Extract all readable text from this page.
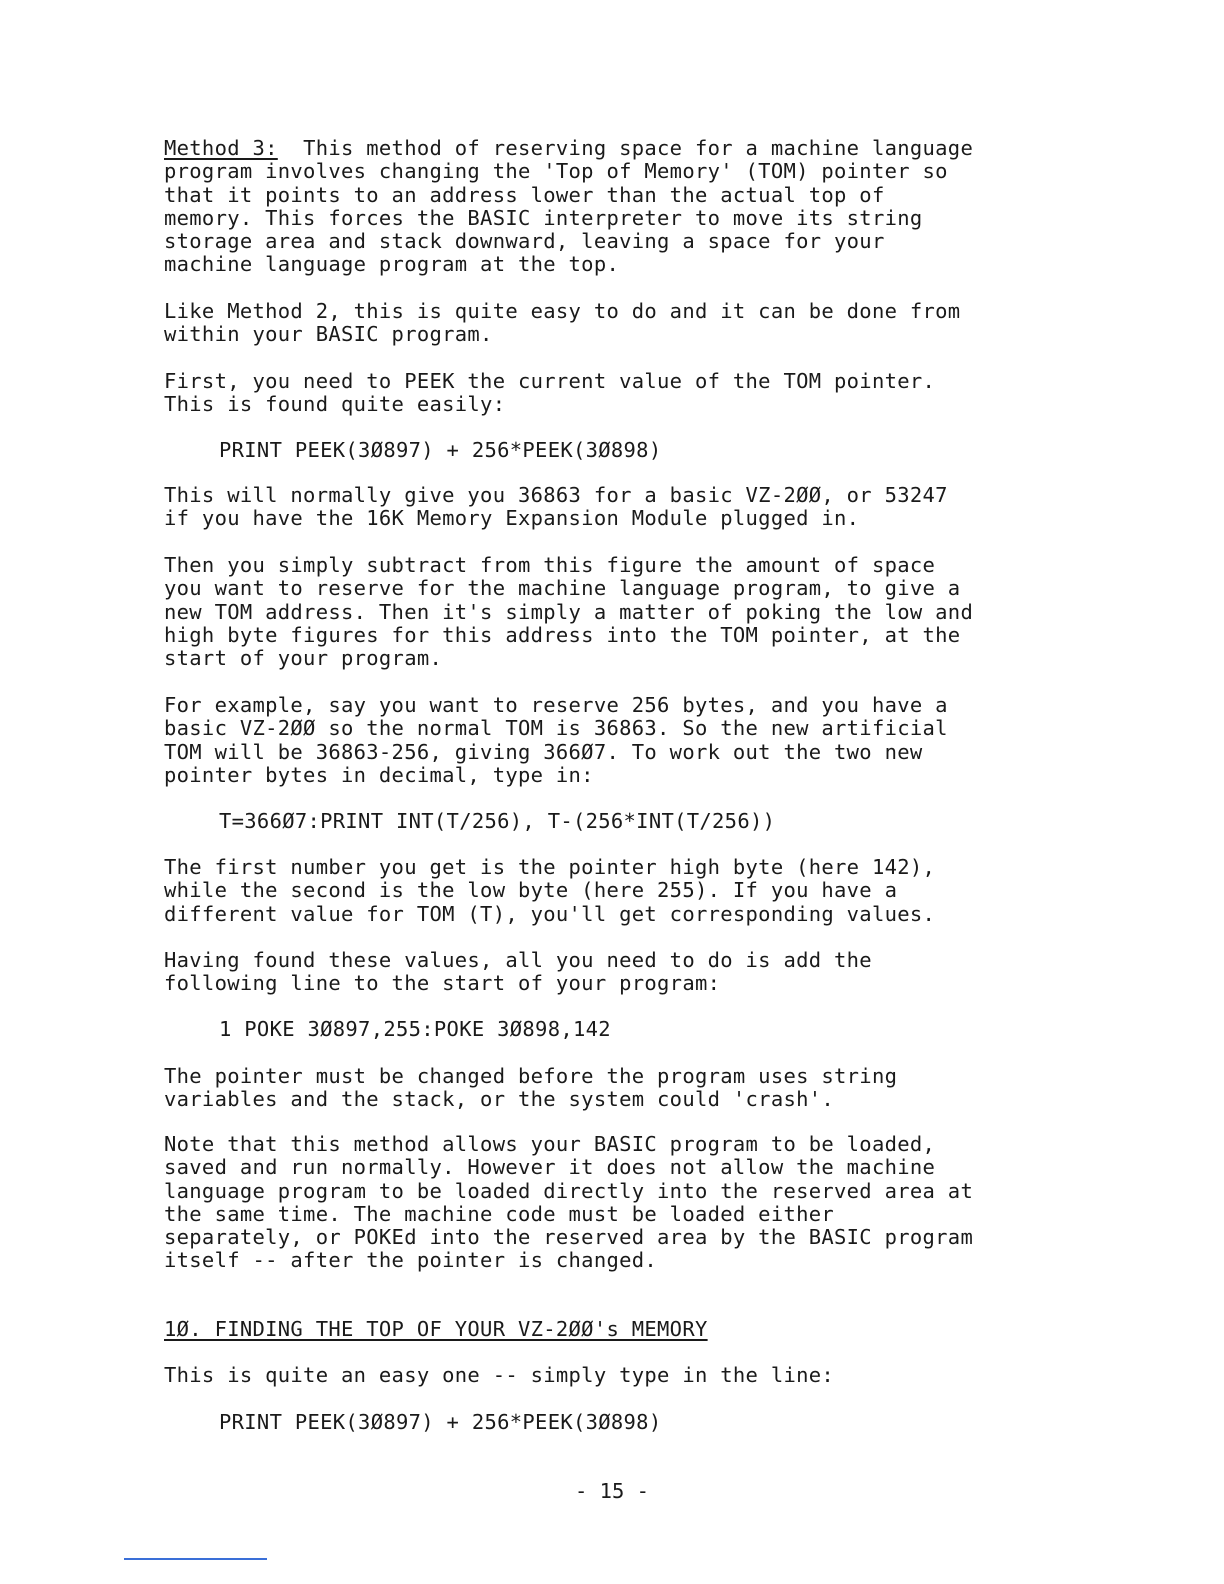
Method 3:  This method of reserving space for a machine language
program involves changing the 'Top of Memory' (TOM) pointer so
that it points to an address lower than the actual top of
memory. This forces the BASIC interpreter to move its string
storage area and stack downward, leaving a space for your
machine language program at the top.
Like Method 2, this is quite easy to do and it can be done from
within your BASIC program.
First, you need to PEEK the current value of the TOM pointer.
This is found quite easily:
PRINT PEEK(3Ø897) + 256*PEEK(3Ø898)
This will normally give you 36863 for a basic VZ-2ØØ, or 53247
if you have the 16K Memory Expansion Module plugged in.
Then you simply subtract from this figure the amount of space
you want to reserve for the machine language program, to give a
new TOM address. Then it's simply a matter of poking the low and
high byte figures for this address into the TOM pointer, at the
start of your program.
For example, say you want to reserve 256 bytes, and you have a
basic VZ-2ØØ so the normal TOM is 36863. So the new artificial
TOM will be 36863-256, giving 366Ø7. To work out the two new
pointer bytes in decimal, type in:
T=366Ø7:PRINT INT(T/256), T-(256*INT(T/256))
The first number you get is the pointer high byte (here 142),
while the second is the low byte (here 255). If you have a
different value for TOM (T), you'll get corresponding values.
Having found these values, all you need to do is add the
following line to the start of your program:
1 POKE 3Ø897,255:POKE 3Ø898,142
The pointer must be changed before the program uses string
variables and the stack, or the system could 'crash'.
Note that this method allows your BASIC program to be loaded,
saved and run normally. However it does not allow the machine
language program to be loaded directly into the reserved area at
the same time. The machine code must be loaded either
separately, or POKEd into the reserved area by the BASIC program
itself -- after the pointer is changed.
1Ø. FINDING THE TOP OF YOUR VZ-2ØØ's MEMORY
This is quite an easy one -- simply type in the line:
PRINT PEEK(3Ø897) + 256*PEEK(3Ø898)
- 15 -
